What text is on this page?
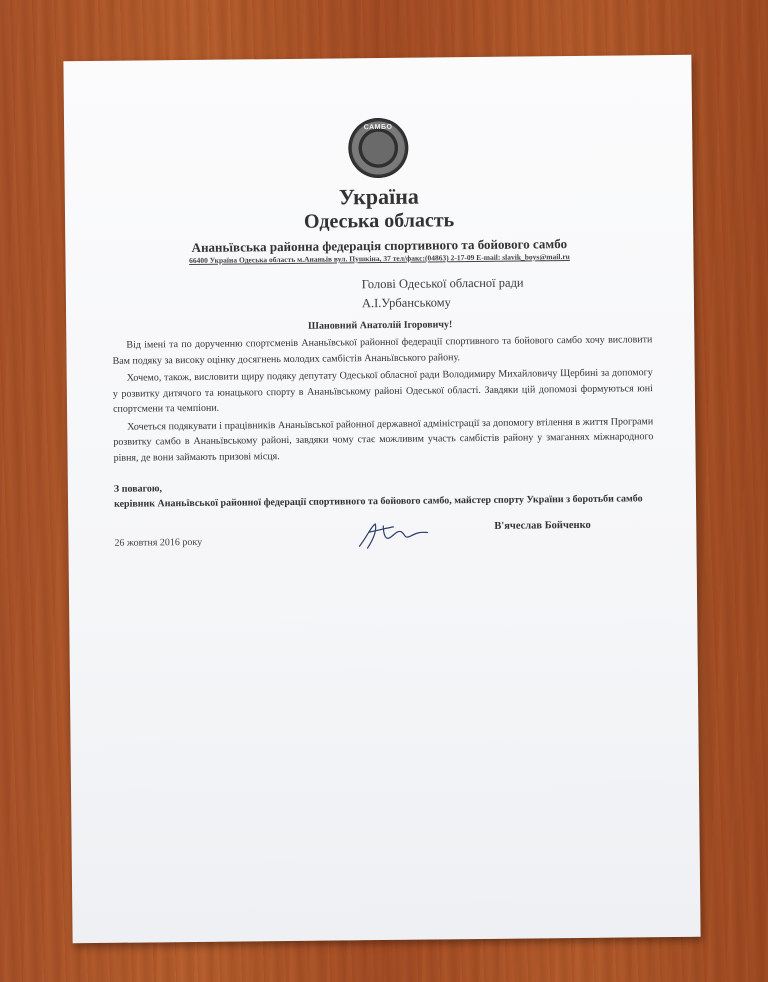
САМБО
Україна
Одеська область
Ананьївська районна федерація спортивного та бойового самбо
66400 Україна Одеська область м.Ананьїв вул. Пушкіна, 37 тел/факс:(04863) 2-17-09 E-mail: slavik_boys@mail.ru
Голові Одеської обласної ради
А.І.Урбанському
Шановний Анатолій Ігоровичу!

Від імені та по дорученню спортсменів Ананьївської районної федерації спортивного та бойового самбо хочу висловити Вам подяку за високу оцінку досягнень молодих самбістів Ананьївського району.

Хочемо, також, висловити щиру подяку депутату Одеської обласної ради Володимиру Михайловичу Щербині за допомогу у розвитку дитячого та юнацького спорту в Ананьївському районі Одеської області. Завдяки цій допомозі формуються юні спортсмени та чемпіони.

Хочеться подякувати і працівників Ананьївської районної державної адміністрації за допомогу втілення в життя Програми розвитку самбо в Ананьївському районі, завдяки чому стає можливим участь самбістів району у змаганнях міжнародного рівня, де вони займають призові місця.

З повагою,
керівник Ананьївської районної федерації спортивного та бойового самбо, майстер спорту України з боротьби самбо
В'ячеслав Бойченко
26 жовтня 2016 року
